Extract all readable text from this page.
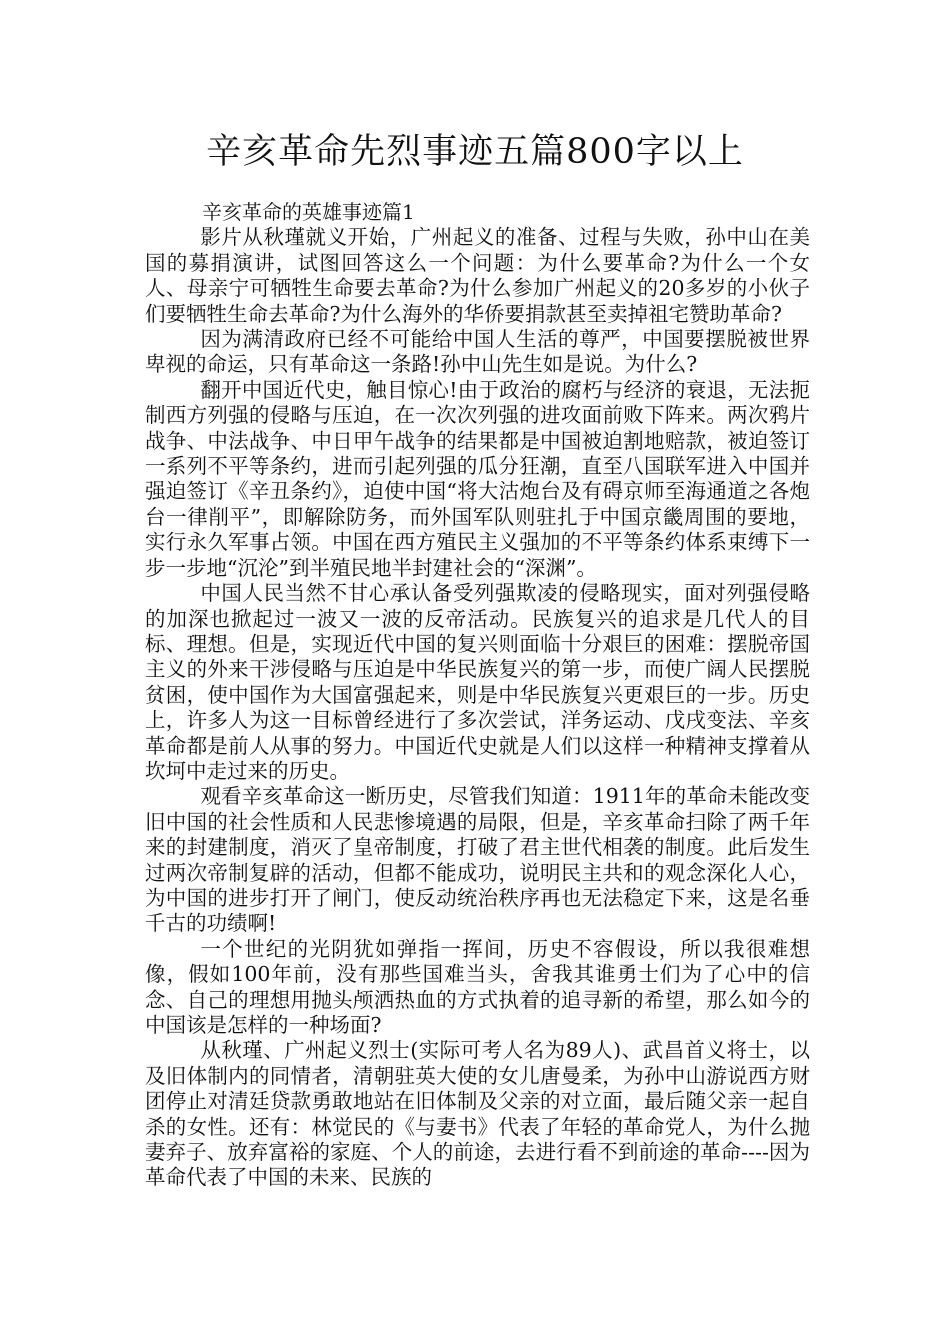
辛亥革命先烈事迹五篇800字以上

辛亥革命的英雄事迹篇1

影片从秋瑾就义开始，广州起义的准备、过程与失败，孙中山在美国的募捐演讲，试图回答这么一个问题：为什么要革命?为什么一个女人、母亲宁可牺牲生命要去革命?为什么参加广州起义的20多岁的小伙子们要牺牲生命去革命?为什么海外的华侨要捐款甚至卖掉祖宅赞助革命?

因为满清政府已经不可能给中国人生活的尊严，中国要摆脱被世界卑视的命运，只有革命这一条路!孙中山先生如是说。为什么?

翻开中国近代史，触目惊心!由于政治的腐朽与经济的衰退，无法扼制西方列强的侵略与压迫，在一次次列强的进攻面前败下阵来。两次鸦片战争、中法战争、中日甲午战争的结果都是中国被迫割地赔款，被迫签订一系列不平等条约，进而引起列强的瓜分狂潮，直至八国联军进入中国并强迫签订《辛丑条约》，迫使中国“将大沽炮台及有碍京师至海通道之各炮台一律削平”，即解除防务，而外国军队则驻扎于中国京畿周围的要地，实行永久军事占领。中国在西方殖民主义强加的不平等条约体系束缚下一步一步地“沉沦”到半殖民地半封建社会的“深渊”。

中国人民当然不甘心承认备受列强欺凌的侵略现实，面对列强侵略的加深也掀起过一波又一波的反帝活动。民族复兴的追求是几代人的目标、理想。但是，实现近代中国的复兴则面临十分艰巨的困难：摆脱帝国主义的外来干涉侵略与压迫是中华民族复兴的第一步，而使广阔人民摆脱贫困，使中国作为大国富强起来，则是中华民族复兴更艰巨的一步。历史上，许多人为这一目标曾经进行了多次尝试，洋务运动、戊戌变法、辛亥革命都是前人从事的努力。中国近代史就是人们以这样一种精神支撑着从坎坷中走过来的历史。

观看辛亥革命这一断历史，尽管我们知道：1911年的革命未能改变旧中国的社会性质和人民悲惨境遇的局限，但是，辛亥革命扫除了两千年来的封建制度，消灭了皇帝制度，打破了君主世代相袭的制度。此后发生过两次帝制复辟的活动，但都不能成功，说明民主共和的观念深化人心，为中国的进步打开了闸门，使反动统治秩序再也无法稳定下来，这是名垂千古的功绩啊!

一个世纪的光阴犹如弹指一挥间，历史不容假设，所以我很难想像，假如100年前，没有那些国难当头，舍我其谁勇士们为了心中的信念、自己的理想用抛头颅洒热血的方式执着的追寻新的希望，那么如今的中国该是怎样的一种场面?

从秋瑾、广州起义烈士(实际可考人名为89人)、武昌首义将士，以及旧体制内的同情者，清朝驻英大使的女儿唐曼柔，为孙中山游说西方财团停止对清廷贷款勇敢地站在旧体制及父亲的对立面，最后随父亲一起自杀的女性。还有：林觉民的《与妻书》代表了年轻的革命党人，为什么抛妻弃子、放弃富裕的家庭、个人的前途，去进行看不到前途的革命----因为革命代表了中国的未来、民族的
